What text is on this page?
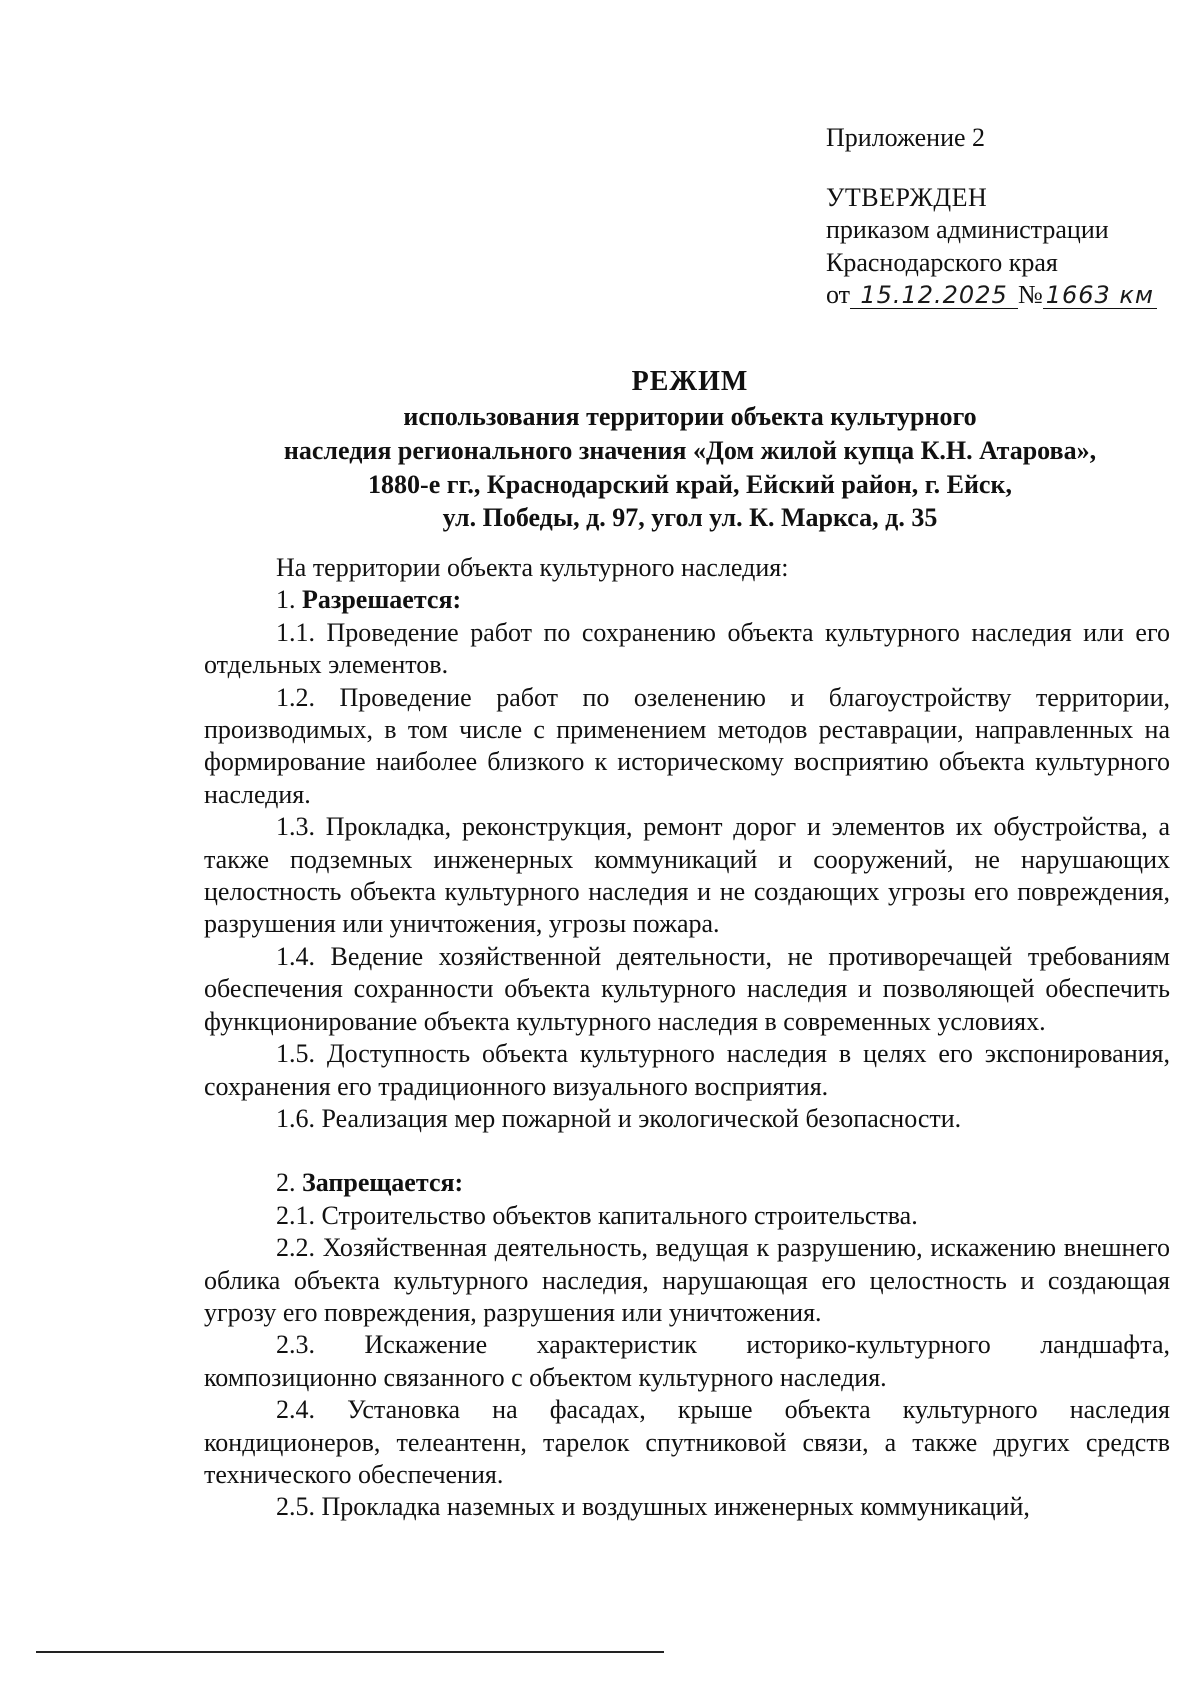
Приложение 2
УТВЕРЖДЕН
приказом администрации
Краснодарского края
от 15.12.2025 № 1663 км
РЕЖИМ
использования территории объекта культурного
наследия регионального значения «Дом жилой купца К.Н. Атарова»,
1880-е гг., Краснодарский край, Ейский район, г. Ейск,
ул. Победы, д. 97, угол ул. К. Маркса, д. 35

На территории объекта культурного наследия:

1. Разрешается:

1.1. Проведение работ по сохранению объекта культурного наследия или его отдельных элементов.

1.2. Проведение работ по озеленению и благоустройству территории, производимых, в том числе с применением методов реставрации, направленных на формирование наиболее близкого к историческому восприятию объекта культурного наследия.

1.3. Прокладка, реконструкция, ремонт дорог и элементов их обустройства, а также подземных инженерных коммуникаций и сооружений, не нарушающих целостность объекта культурного наследия и не создающих угрозы его повреждения, разрушения или уничтожения, угрозы пожара.

1.4. Ведение хозяйственной деятельности, не противоречащей требованиям обеспечения сохранности объекта культурного наследия и позволяющей обеспечить функционирование объекта культурного наследия в современных условиях.

1.5. Доступность объекта культурного наследия в целях его экспонирования, сохранения его традиционного визуального восприятия.

1.6. Реализация мер пожарной и экологической безопасности.

2. Запрещается:

2.1. Строительство объектов капитального строительства.

2.2. Хозяйственная деятельность, ведущая к разрушению, искажению внешнего облика объекта культурного наследия, нарушающая его целостность и создающая угрозу его повреждения, разрушения или уничтожения.

2.3. Искажение характеристик историко-культурного ландшафта, композиционно связанного с объектом культурного наследия.

2.4. Установка на фасадах, крыше объекта культурного наследия кондиционеров, телеантенн, тарелок спутниковой связи, а также других средств технического обеспечения.

2.5. Прокладка наземных и воздушных инженерных коммуникаций,
